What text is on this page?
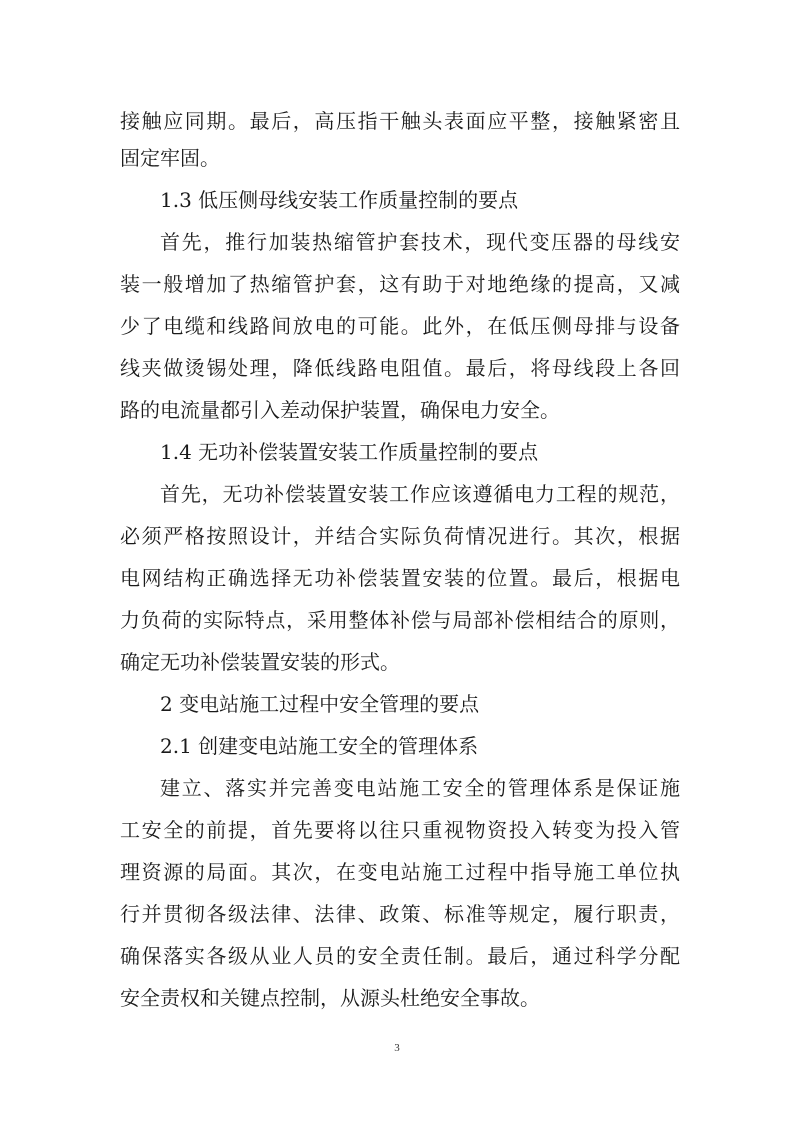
接触应同期。最后，高压指干触头表面应平整，接触紧密且

固定牢固。

1.3 低压侧母线安装工作质量控制的要点

首先，推行加装热缩管护套技术，现代变压器的母线安

装一般增加了热缩管护套，这有助于对地绝缘的提高，又减

少了电缆和线路间放电的可能。此外，在低压侧母排与设备

线夹做烫锡处理，降低线路电阻值。最后，将母线段上各回

路的电流量都引入差动保护装置，确保电力安全。

1.4 无功补偿装置安装工作质量控制的要点

首先，无功补偿装置安装工作应该遵循电力工程的规范，

必须严格按照设计，并结合实际负荷情况进行。其次，根据

电网结构正确选择无功补偿装置安装的位置。最后，根据电

力负荷的实际特点，采用整体补偿与局部补偿相结合的原则，

确定无功补偿装置安装的形式。

2 变电站施工过程中安全管理的要点

2.1 创建变电站施工安全的管理体系

建立、落实并完善变电站施工安全的管理体系是保证施

工安全的前提，首先要将以往只重视物资投入转变为投入管

理资源的局面。其次，在变电站施工过程中指导施工单位执

行并贯彻各级法律、法律、政策、标准等规定，履行职责，

确保落实各级从业人员的安全责任制。最后，通过科学分配

安全责权和关键点控制，从源头杜绝安全事故。

3
